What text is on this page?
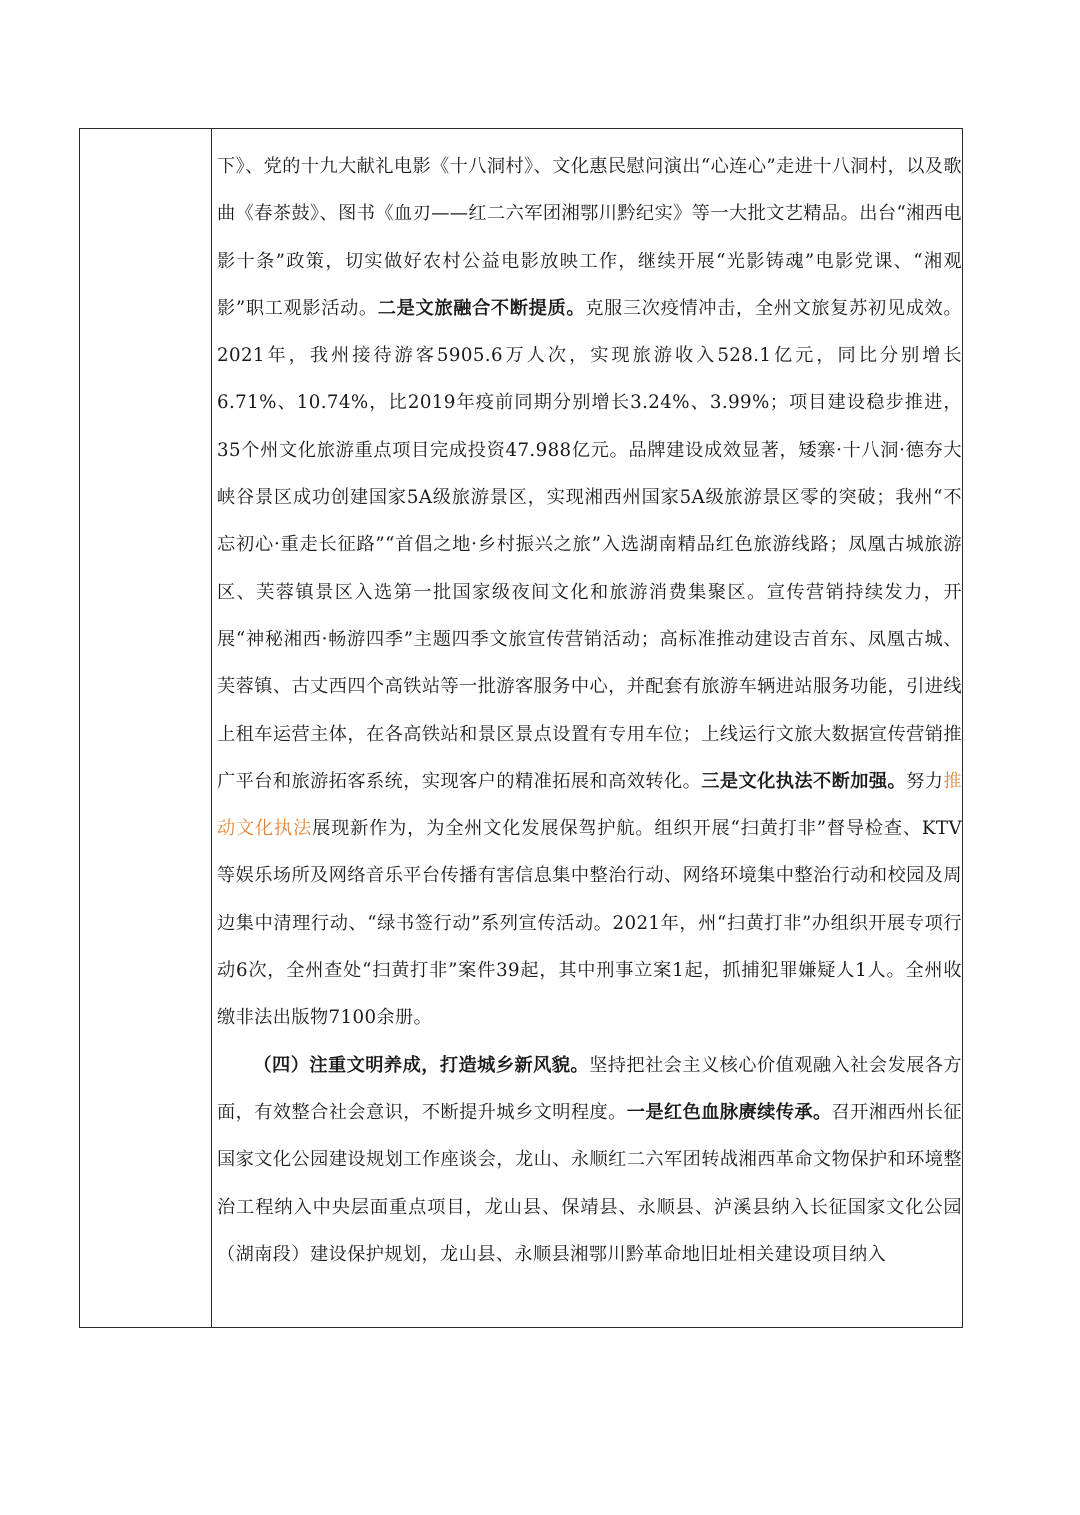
下》、党的十九大献礼电影《十八洞村》、文化惠民慰问演出“心连心”走进十八洞村，以及歌曲《春茶鼓》、图书《血刃——红二六军团湘鄂川黔纪实》等一大批文艺精品。出台“湘西电影十条”政策，切实做好农村公益电影放映工作，继续开展“光影铸魂”电影党课、“湘观影”职工观影活动。二是文旅融合不断提质。克服三次疫情冲击，全州文旅复苏初见成效。2021年，我州接待游客5905.6万人次，实现旅游收入528.1亿元，同比分别增长6.71%、10.74%，比2019年疫前同期分别增长3.24%、3.99%；项目建设稳步推进，35个州文化旅游重点项目完成投资47.988亿元。品牌建设成效显著，矮寨·十八洞·德夯大峡谷景区成功创建国家5A级旅游景区，实现湘西州国家5A级旅游景区零的突破；我州“不忘初心·重走长征路”“首倡之地·乡村振兴之旅”入选湖南精品红色旅游线路；凤凰古城旅游区、芙蓉镇景区入选第一批国家级夜间文化和旅游消费集聚区。宣传营销持续发力，开展“神秘湘西·畅游四季”主题四季文旅宣传营销活动；高标准推动建设吉首东、凤凰古城、芙蓉镇、古丈西四个高铁站等一批游客服务中心，并配套有旅游车辆进站服务功能，引进线上租车运营主体，在各高铁站和景区景点设置有专用车位；上线运行文旅大数据宣传营销推广平台和旅游拓客系统，实现客户的精准拓展和高效转化。三是文化执法不断加强。努力推动文化执法展现新作为，为全州文化发展保驾护航。组织开展“扫黄打非”督导检查、KTV等娱乐场所及网络音乐平台传播有害信息集中整治行动、网络环境集中整治行动和校园及周边集中清理行动、“绿书签行动”系列宣传活动。2021年，州“扫黄打非”办组织开展专项行动6次，全州查处“扫黄打非”案件39起，其中刑事立案1起，抓捕犯罪嫌疑人1人。全州收缴非法出版物7100余册。

（四）注重文明养成，打造城乡新风貌。坚持把社会主义核心价值观融入社会发展各方面，有效整合社会意识，不断提升城乡文明程度。一是红色血脉赓续传承。召开湘西州长征国家文化公园建设规划工作座谈会，龙山、永顺红二六军团转战湘西革命文物保护和环境整治工程纳入中央层面重点项目，龙山县、保靖县、永顺县、泸溪县纳入长征国家文化公园（湖南段）建设保护规划，龙山县、永顺县湘鄂川黔革命地旧址相关建设项目纳入
